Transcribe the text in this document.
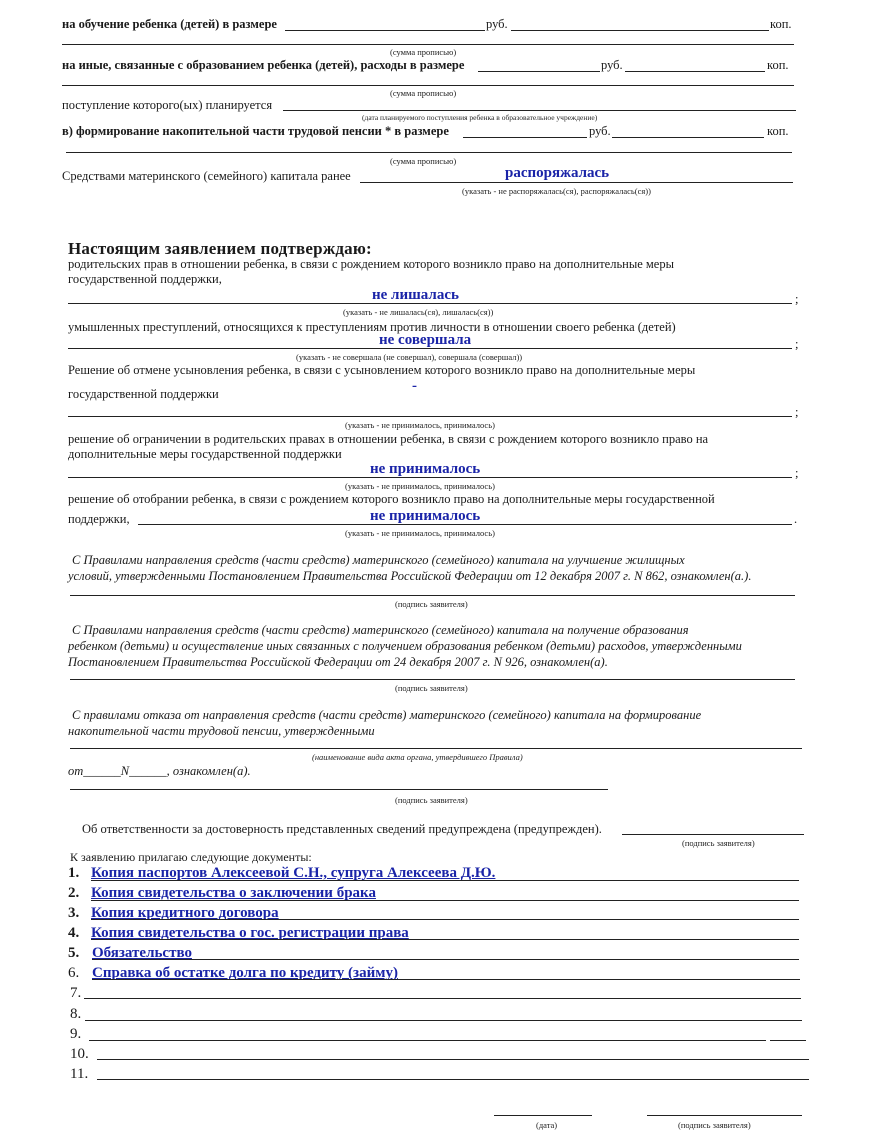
на обучение ребенка (детей) в размере	руб.	коп.
(сумма прописью)
на иные, связанные с образованием ребенка (детей), расходы в размере	руб.	коп.
(сумма прописью)
поступление которого(ых) планируется
(дата планируемого поступления ребенка в образовательное учреждение)
в) формирование накопительной части трудовой пенсии * в размере	руб.	коп.
(сумма прописью)
Средствами материнского (семейного) капитала ранее	распоряжалась
(указать - не распоряжалась(ся), распоряжалась(ся))
Настоящим заявлением подтверждаю:
родительских прав в отношении ребенка, в связи с рождением которого возникло право на дополнительные меры
государственной поддержки,
не лишалась	;
(указать - не лишалась(ся), лишалась(ся))
умышленных преступлений, относящихся к преступлениям против личности в отношении своего ребенка (детей)
не совершала	;
(указать - не совершала (не совершал), совершала (совершал))
Решение об отмене усыновления ребенка, в связи с усыновлением которого возникло право на дополнительные меры
государственной поддержки	-
;
(указать - не принималось, принималось)
решение об ограничении в родительских правах в отношении ребенка, в связи с рождением которого возникло право на
дополнительные меры государственной поддержки
не принималось	;
(указать - не принималось, принималось)
решение об отобрании ребенка, в связи с рождением которого возникло право на дополнительные меры государственной
поддержки,	не принималось	.
(указать - не принималось, принималось)
С Правилами направления средств (части средств) материнского (семейного) капитала на улучшение жилищных
условий, утвержденными Постановлением Правительства Российской Федерации от 12 декабря 2007 г. N 862, ознакомлен(а.).
(подпись заявителя)
С Правилами направления средств (части средств) материнского (семейного) капитала на получение образования
ребенком (детьми) и осуществление иных связанных с получением образования ребенком (детьми) расходов, утвержденными
Постановлением Правительства Российской Федерации от 24 декабря 2007 г. N 926, ознакомлен(а).
(подпись заявителя)
С правилами отказа от направления средств (части средств) материнского (семейного) капитала на формирование
накопительной части трудовой пенсии, утвержденными
(наименование вида акта органа, утвердившего Правила)
от______N______, ознакомлен(а).
(подпись заявителя)
Об ответственности за достоверность представленных сведений предупреждена (предупрежден).
(подпись заявителя)
К заявлению прилагаю следующие документы:
1. Копия паспортов Алексеевой С.Н., супруга Алексеева Д.Ю.
2. Копия свидетельства о заключении брака
3. Копия кредитного договора
4. Копия свидетельства о гос. регистрации права
5. Обязательство
6. Справка об остатке долга по кредиту (займу)
7.
8.
9.
10.
11.
(дата)	(подпись заявителя)
